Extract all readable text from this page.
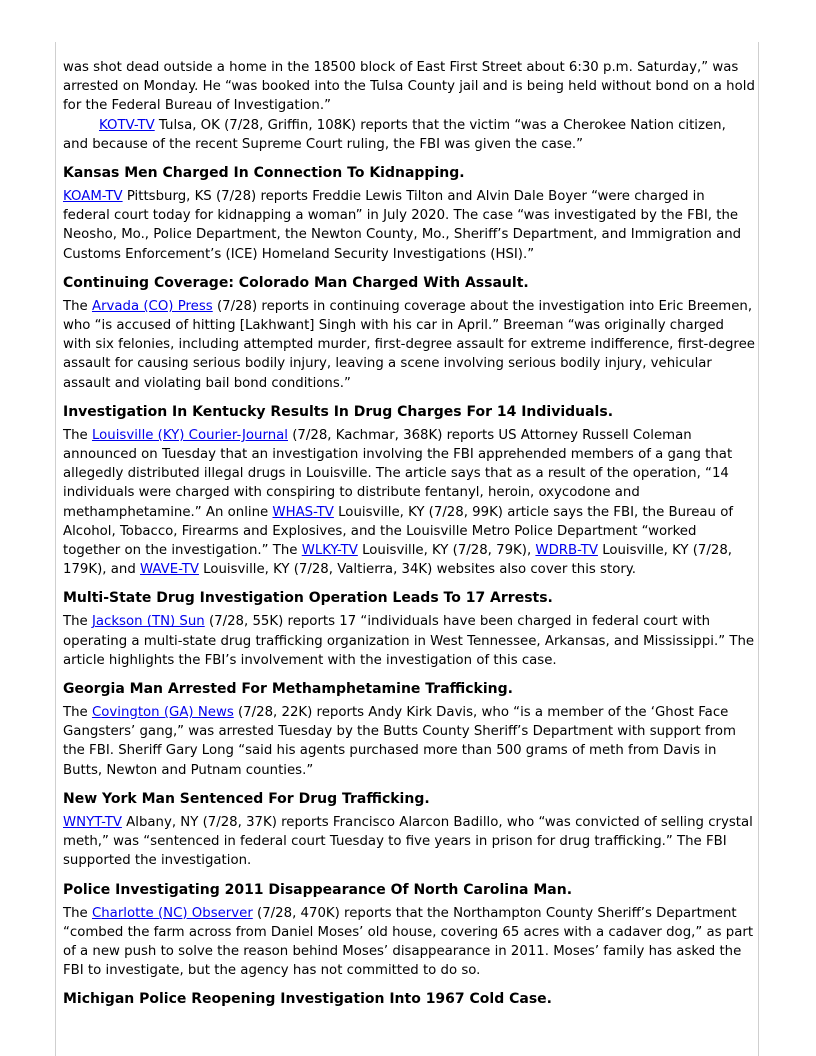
was shot dead outside a home in the 18500 block of East First Street about 6:30 p.m. Saturday,” was arrested on Monday. He “was booked into the Tulsa County jail and is being held without bond on a hold for the Federal Bureau of Investigation.”

KOTV-TV Tulsa, OK (7/28, Griffin, 108K) reports that the victim “was a Cherokee Nation citizen, and because of the recent Supreme Court ruling, the FBI was given the case.”

Kansas Men Charged In Connection To Kidnapping.

KOAM-TV Pittsburg, KS (7/28) reports Freddie Lewis Tilton and Alvin Dale Boyer “were charged in federal court today for kidnapping a woman” in July 2020. The case “was investigated by the FBI, the Neosho, Mo., Police Department, the Newton County, Mo., Sheriff’s Department, and Immigration and Customs Enforcement’s (ICE) Homeland Security Investigations (HSI).”

Continuing Coverage: Colorado Man Charged With Assault.

The Arvada (CO) Press (7/28) reports in continuing coverage about the investigation into Eric Breemen, who “is accused of hitting [Lakhwant] Singh with his car in April.” Breeman “was originally charged with six felonies, including attempted murder, first-degree assault for extreme indifference, first-degree assault for causing serious bodily injury, leaving a scene involving serious bodily injury, vehicular assault and violating bail bond conditions.”

Investigation In Kentucky Results In Drug Charges For 14 Individuals.

The Louisville (KY) Courier-Journal (7/28, Kachmar, 368K) reports US Attorney Russell Coleman announced on Tuesday that an investigation involving the FBI apprehended members of a gang that allegedly distributed illegal drugs in Louisville. The article says that as a result of the operation, “14 individuals were charged with conspiring to distribute fentanyl, heroin, oxycodone and methamphetamine.” An online WHAS-TV Louisville, KY (7/28, 99K) article says the FBI, the Bureau of Alcohol, Tobacco, Firearms and Explosives, and the Louisville Metro Police Department “worked together on the investigation.” The WLKY-TV Louisville, KY (7/28, 79K), WDRB-TV Louisville, KY (7/28, 179K), and WAVE-TV Louisville, KY (7/28, Valtierra, 34K) websites also cover this story.

Multi-State Drug Investigation Operation Leads To 17 Arrests.

The Jackson (TN) Sun (7/28, 55K) reports 17 “individuals have been charged in federal court with operating a multi-state drug trafficking organization in West Tennessee, Arkansas, and Mississippi.” The article highlights the FBI’s involvement with the investigation of this case.

Georgia Man Arrested For Methamphetamine Trafficking.

The Covington (GA) News (7/28, 22K) reports Andy Kirk Davis, who “is a member of the ‘Ghost Face Gangsters’ gang,” was arrested Tuesday by the Butts County Sheriff’s Department with support from the FBI. Sheriff Gary Long “said his agents purchased more than 500 grams of meth from Davis in Butts, Newton and Putnam counties.”

New York Man Sentenced For Drug Trafficking.

WNYT-TV Albany, NY (7/28, 37K) reports Francisco Alarcon Badillo, who “was convicted of selling crystal meth,” was “sentenced in federal court Tuesday to five years in prison for drug trafficking.” The FBI supported the investigation.

Police Investigating 2011 Disappearance Of North Carolina Man.

The Charlotte (NC) Observer (7/28, 470K) reports that the Northampton County Sheriff’s Department “combed the farm across from Daniel Moses’ old house, covering 65 acres with a cadaver dog,” as part of a new push to solve the reason behind Moses’ disappearance in 2011. Moses’ family has asked the FBI to investigate, but the agency has not committed to do so.

Michigan Police Reopening Investigation Into 1967 Cold Case.
